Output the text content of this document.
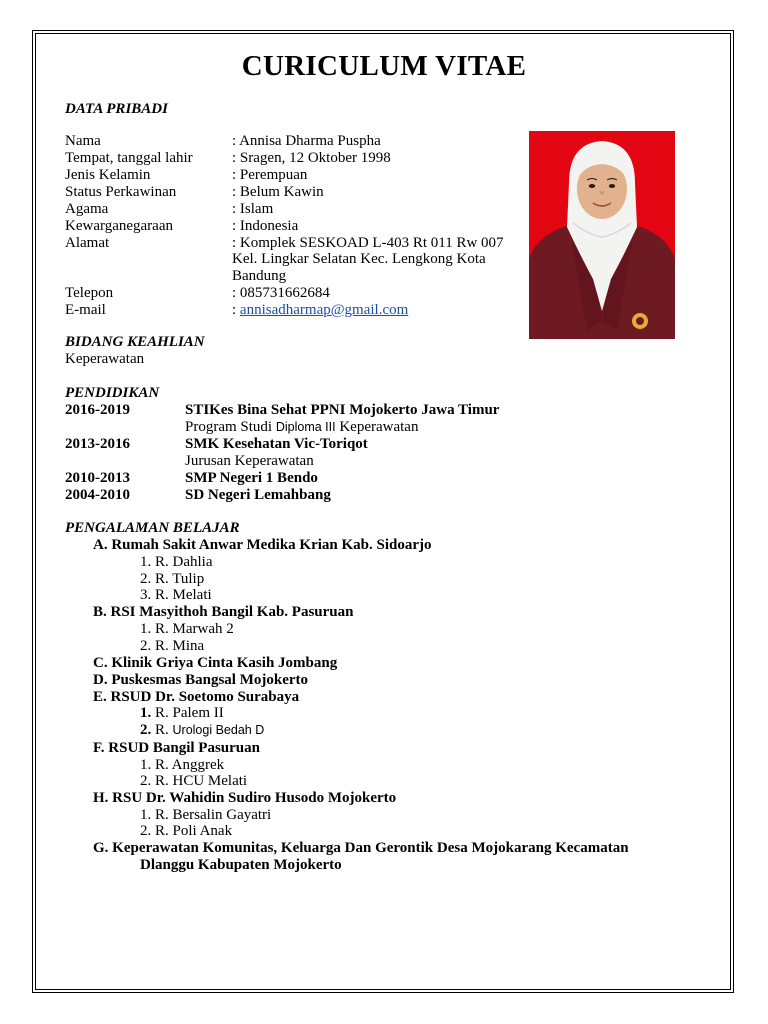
CURICULUM VITAE
DATA PRIBADI
Nama	: Annisa Dharma Puspha
Tempat, tanggal lahir	: Sragen, 12 Oktober 1998
Jenis Kelamin	: Perempuan
Status Perkawinan	: Belum Kawin
Agama	: Islam
Kewarganegaraan	: Indonesia
Alamat	: Komplek SESKOAD L-403 Rt 011 Rw 007
Kel. Lingkar Selatan Kec. Lengkong Kota
Bandung
Telepon	: 085731662684
E-mail	: annisadharmap@gmail.com
BIDANG KEAHLIAN
Keperawatan
PENDIDIKAN
2016-2019	STIKes Bina Sehat PPNI Mojokerto Jawa Timur
Program Studi Diploma III Keperawatan
2013-2016	SMK Kesehatan Vic-Toriqot
Jurusan Keperawatan
2010-2013	SMP Negeri 1 Bendo
2004-2010	SD Negeri Lemahbang
PENGALAMAN BELAJAR
A. Rumah Sakit Anwar Medika Krian Kab. Sidoarjo
1. R. Dahlia
2. R. Tulip
3. R. Melati
B. RSI Masyithoh Bangil Kab. Pasuruan
1. R. Marwah 2
2. R. Mina
C. Klinik Griya Cinta Kasih Jombang
D. Puskesmas Bangsal Mojokerto
E. RSUD Dr. Soetomo Surabaya
1. R. Palem II
2. R. Urologi Bedah D
F. RSUD Bangil Pasuruan
1. R. Anggrek
2. R. HCU Melati
H. RSU Dr. Wahidin Sudiro Husodo Mojokerto
1. R. Bersalin Gayatri
2. R. Poli Anak
G. Keperawatan Komunitas, Keluarga Dan Gerontik Desa Mojokarang Kecamatan
Dlanggu Kabupaten Mojokerto
